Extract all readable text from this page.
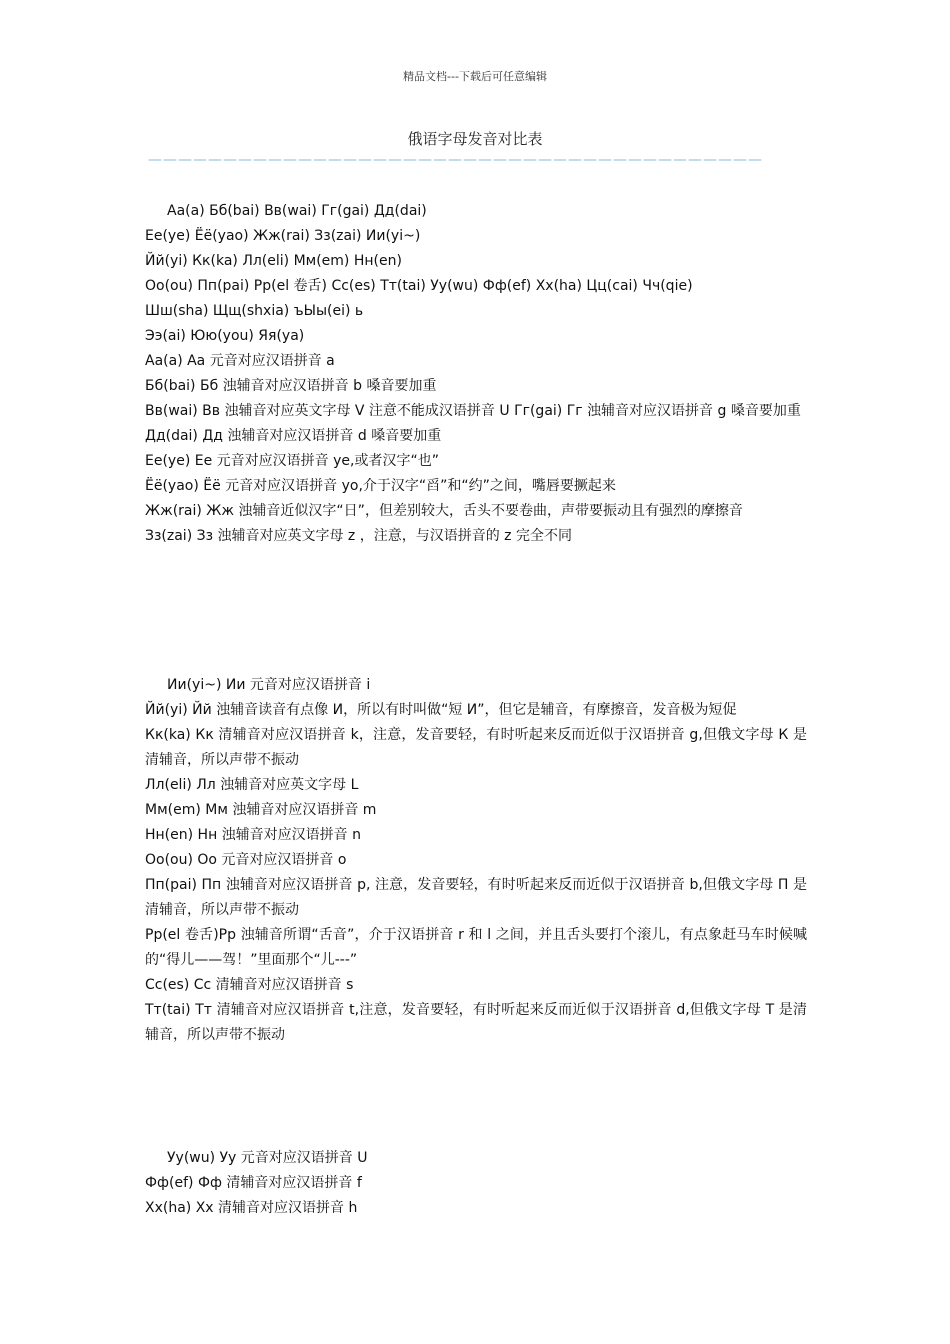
精品文档---下载后可任意编辑
俄语字母发音对比表
—————————————————————————————————————————

Аа(a) Бб(bai) Вв(wai) Гг(gai) Дд(dai)

Ее(ye) Ёё(yao) Жж(rai) Зз(zai) Ии(yi~)

Йй(yi) Кк(ka) Лл(eli) Мм(em) Нн(en)

Оо(ou) Пп(pai) Рр(el 卷舌) Сс(es) Тт(tai) Уу(wu) Фф(ef) Хх(ha) Цц(cai) Чч(qie)

Шш(sha) Щщ(shxia) ъЫы(ei) ь

Ээ(ai) Юю(you) Яя(ya)

Аа(a) Аа 元音对应汉语拼音 a

Бб(bai) Бб 浊辅音对应汉语拼音 b 嗓音要加重

Вв(wai) Вв 浊辅音对应英文字母 V 注意不能成汉语拼音 U Гг(gai) Гг 浊辅音对应汉语拼音 g 嗓音要加重

Дд(dai) Дд 浊辅音对应汉语拼音 d 嗓音要加重

Ее(ye) Ее 元音对应汉语拼音 ye,或者汉字“也”

Ёё(yao) Ёё 元音对应汉语拼音 yo,介于汉字“舀”和“约”之间，嘴唇要撅起来

Жж(rai) Жж 浊辅音近似汉字“日”，但差别较大，舌头不要卷曲，声带要振动且有强烈的摩擦音

Зз(zai) Зз 浊辅音对应英文字母 z ，注意，与汉语拼音的 z 完全不同

Ии(yi~) Ии 元音对应汉语拼音 i

Йй(yi) Йй 浊辅音读音有点像 И，所以有时叫做“短 И”，但它是辅音，有摩擦音，发音极为短促

Кк(ka) Кк 清辅音对应汉语拼音 k，注意，发音要轻，有时听起来反而近似于汉语拼音 g,但俄文字母 К 是清辅音，所以声带不振动

Лл(eli) Лл 浊辅音对应英文字母 L

Мм(em) Мм 浊辅音对应汉语拼音 m

Нн(en) Нн 浊辅音对应汉语拼音 n

Оо(ou) Оо 元音对应汉语拼音 o

Пп(pai) Пп 浊辅音对应汉语拼音 p, 注意，发音要轻，有时听起来反而近似于汉语拼音 b,但俄文字母 П 是清辅音，所以声带不振动

Рр(el 卷舌)Рр 浊辅音所谓“舌音”，介于汉语拼音 r 和 l 之间，并且舌头要打个滚儿，有点象赶马车时候喊的“得儿——驾！”里面那个“儿---”

Сс(es) Сс 清辅音对应汉语拼音 s

Тт(tai) Тт 清辅音对应汉语拼音 t,注意，发音要轻，有时听起来反而近似于汉语拼音 d,但俄文字母 T 是清辅音，所以声带不振动

Уу(wu) Уу 元音对应汉语拼音 U

Фф(ef) Фф 清辅音对应汉语拼音 f

Хх(ha) Хх 清辅音对应汉语拼音 h
